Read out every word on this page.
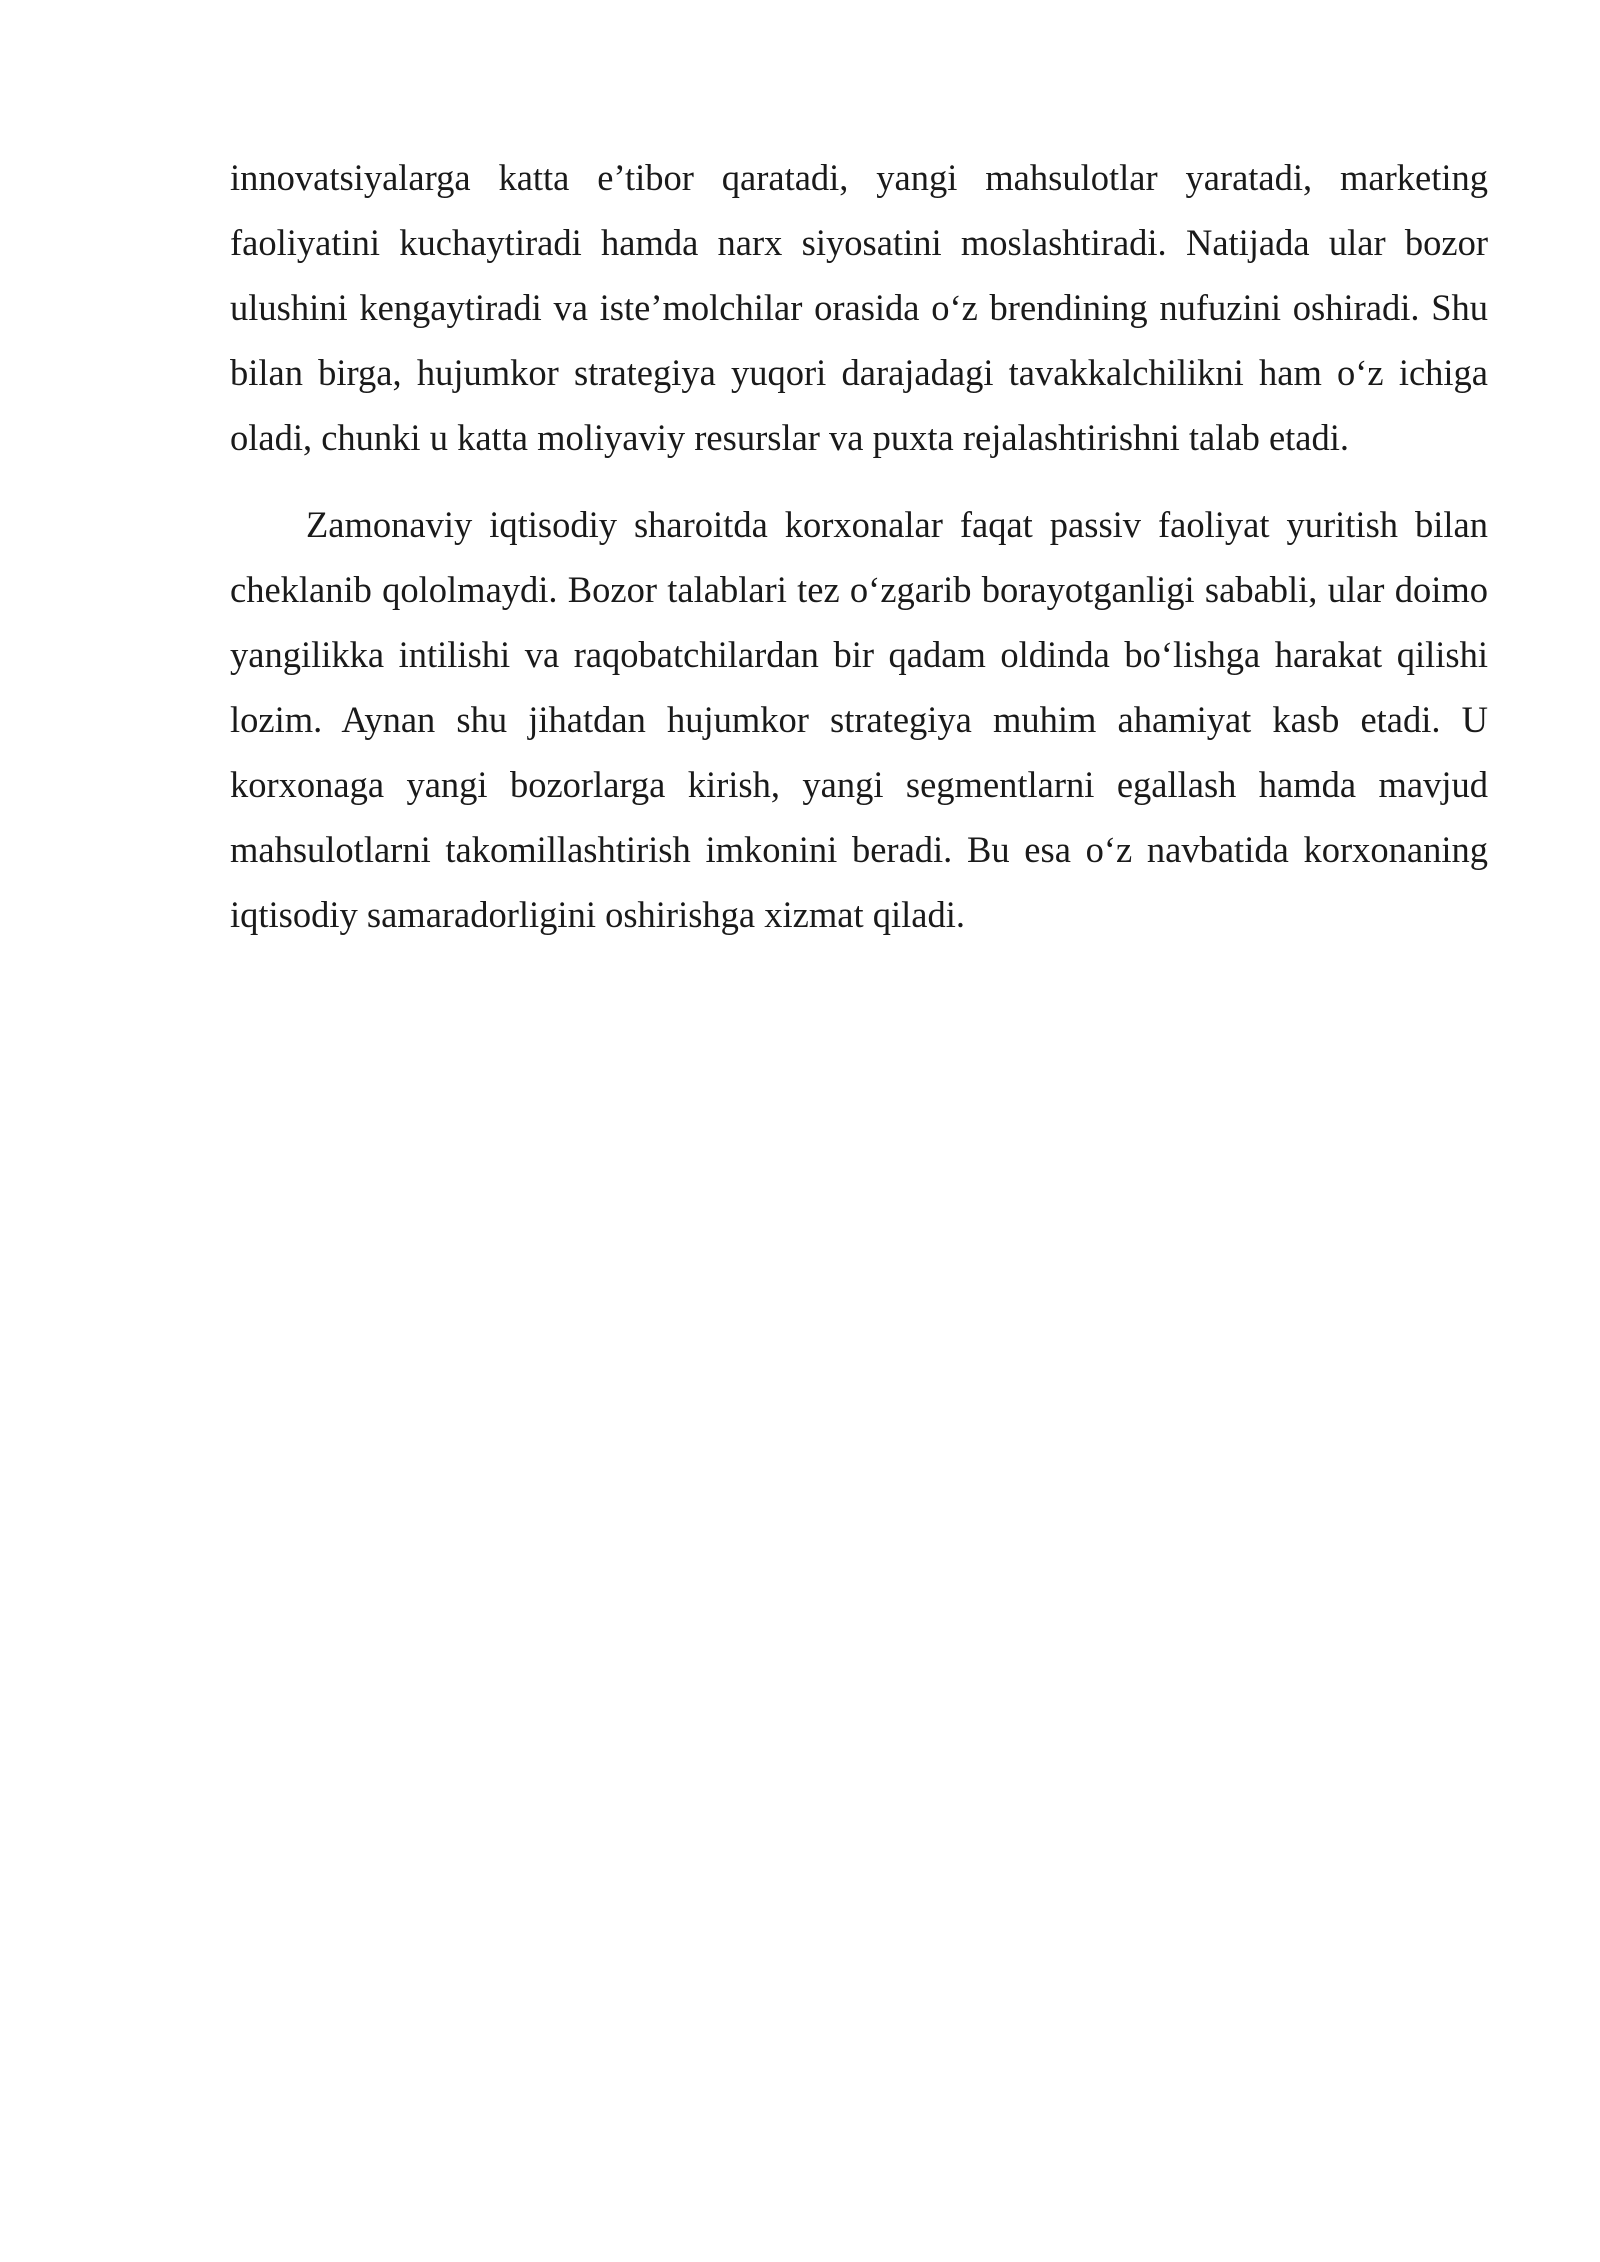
innovatsiyalarga katta e’tibor qaratadi, yangi mahsulotlar yaratadi, marketing faoliyatini kuchaytiradi hamda narx siyosatini moslashtiradi. Natijada ular bozor ulushini kengaytiradi va iste’molchilar orasida o‘z brendining nufuzini oshiradi. Shu bilan birga, hujumkor strategiya yuqori darajadagi tavakkalchilikni ham o‘z ichiga oladi, chunki u katta moliyaviy resurslar va puxta rejalashtirishni talab etadi.

Zamonaviy iqtisodiy sharoitda korxonalar faqat passiv faoliyat yuritish bilan cheklanib qololmaydi. Bozor talablari tez o‘zgarib borayotganligi sababli, ular doimo yangilikka intilishi va raqobatchilardan bir qadam oldinda bo‘lishga harakat qilishi lozim. Aynan shu jihatdan hujumkor strategiya muhim ahamiyat kasb etadi. U korxonaga yangi bozorlarga kirish, yangi segmentlarni egallash hamda mavjud mahsulotlarni takomillashtirish imkonini beradi. Bu esa o‘z navbatida korxonaning iqtisodiy samaradorligini oshirishga xizmat qiladi.
